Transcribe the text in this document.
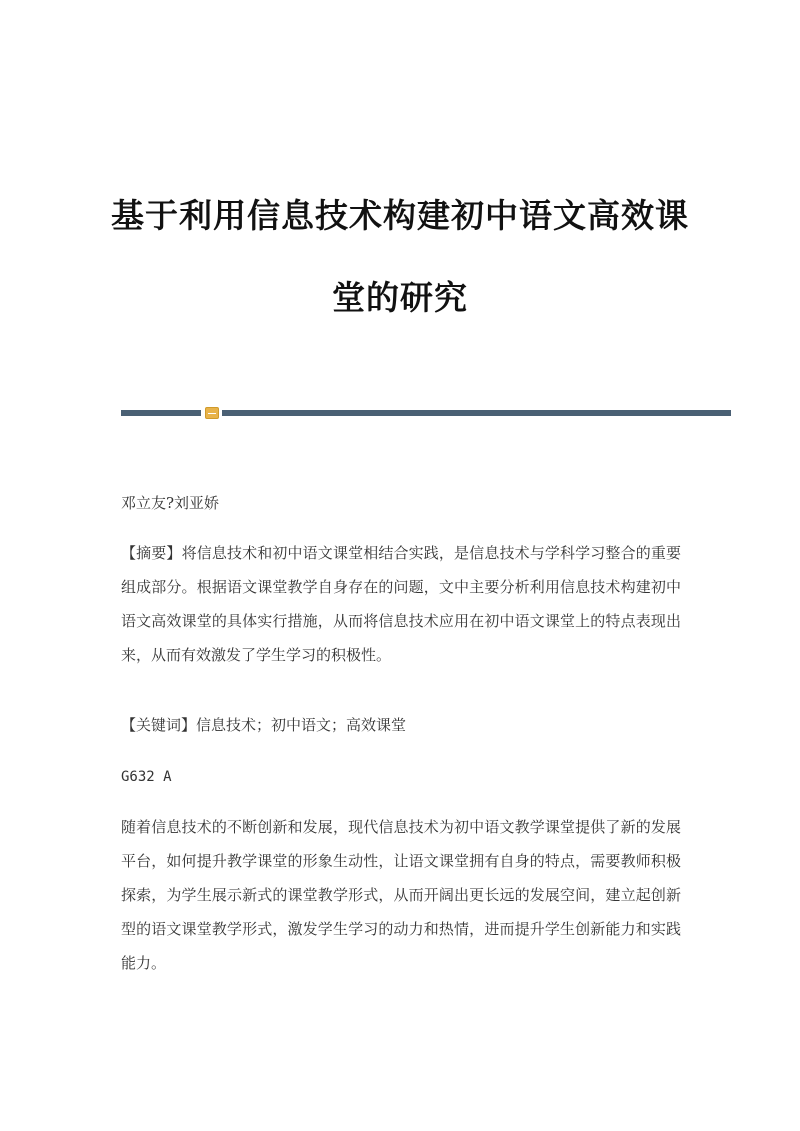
基于利用信息技术构建初中语文高效课
堂的研究

邓立友?刘亚娇

【摘要】将信息技术和初中语文课堂相结合实践，是信息技术与学科学习整合的重要组成部分。根据语文课堂教学自身存在的问题，文中主要分析利用信息技术构建初中语文高效课堂的具体实行措施，从而将信息技术应用在初中语文课堂上的特点表现出来，从而有效激发了学生学习的积极性。

【关键词】信息技术；初中语文；高效课堂

G632 A

随着信息技术的不断创新和发展，现代信息技术为初中语文教学课堂提供了新的发展平台，如何提升教学课堂的形象生动性，让语文课堂拥有自身的特点，需要教师积极探索，为学生展示新式的课堂教学形式，从而开阔出更长远的发展空间，建立起创新型的语文课堂教学形式，激发学生学习的动力和热情，进而提升学生创新能力和实践能力。
